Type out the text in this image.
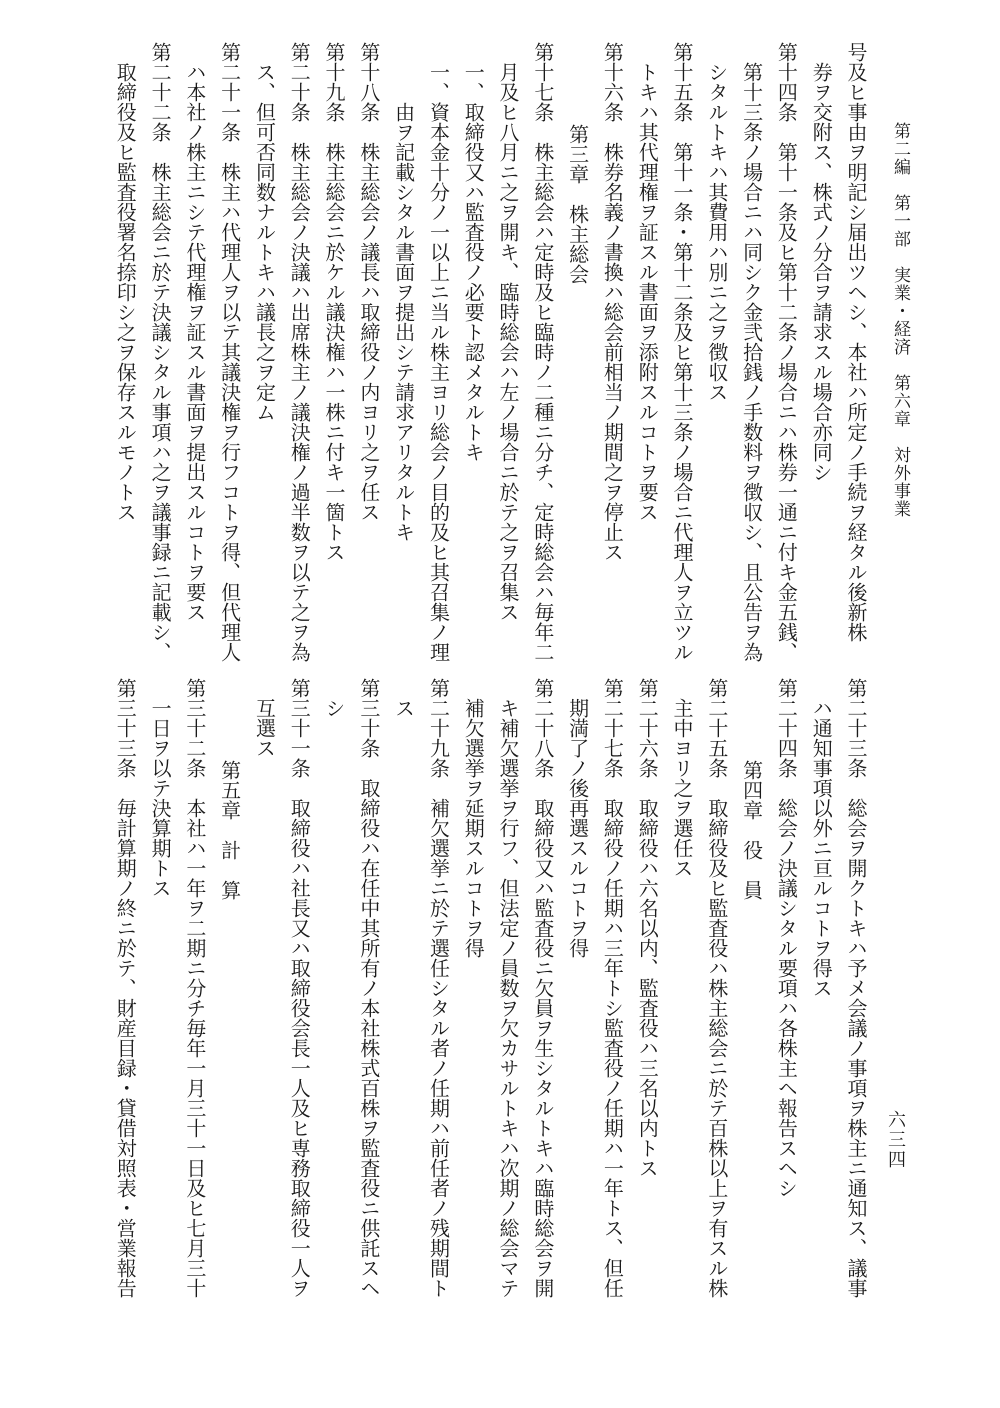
第二編　第一部　実業・経済　第六章　対外事業
六三四
号及ヒ事由ヲ明記シ届出ツヘシ、本社ハ所定ノ手続ヲ経タル後新株
券ヲ交附ス、株式ノ分合ヲ請求スル場合亦同シ
第十四条　第十一条及ヒ第十二条ノ場合ニハ株券一通ニ付キ金五銭、
第十三条ノ場合ニハ同シク金弐拾銭ノ手数料ヲ徴収シ、且公告ヲ為
シタルトキハ其費用ハ別ニ之ヲ徴収ス
第十五条　第十一条・第十二条及ヒ第十三条ノ場合ニ代理人ヲ立ツル
トキハ其代理権ヲ証スル書面ヲ添附スルコトヲ要ス
第十六条　株券名義ノ書換ハ総会前相当ノ期間之ヲ停止ス
第三章　株主総会
第十七条　株主総会ハ定時及ヒ臨時ノ二種ニ分チ、定時総会ハ毎年二
月及ヒ八月ニ之ヲ開キ、臨時総会ハ左ノ場合ニ於テ之ヲ召集ス
一、取締役又ハ監査役ノ必要ト認メタルトキ
一、資本金十分ノ一以上ニ当ル株主ヨリ総会ノ目的及ヒ其召集ノ理
由ヲ記載シタル書面ヲ提出シテ請求アリタルトキ
第十八条　株主総会ノ議長ハ取締役ノ内ヨリ之ヲ任ス
第十九条　株主総会ニ於ケル議決権ハ一株ニ付キ一箇トス
第二十条　株主総会ノ決議ハ出席株主ノ議決権ノ過半数ヲ以テ之ヲ為
ス、但可否同数ナルトキハ議長之ヲ定ム
第二十一条　株主ハ代理人ヲ以テ其議決権ヲ行フコトヲ得、但代理人
ハ本社ノ株主ニシテ代理権ヲ証スル書面ヲ提出スルコトヲ要ス
第二十二条　株主総会ニ於テ決議シタル事項ハ之ヲ議事録ニ記載シ、
取締役及ヒ監査役署名捺印シ之ヲ保存スルモノトス
第二十三条　総会ヲ開クトキハ予メ会議ノ事項ヲ株主ニ通知ス、議事
ハ通知事項以外ニ亘ルコトヲ得ス
第二十四条　総会ノ決議シタル要項ハ各株主ヘ報告スヘシ
第四章　役　員
第二十五条　取締役及ヒ監査役ハ株主総会ニ於テ百株以上ヲ有スル株
主中ヨリ之ヲ選任ス
第二十六条　取締役ハ六名以内、監査役ハ三名以内トス
第二十七条　取締役ノ任期ハ三年トシ監査役ノ任期ハ一年トス、但任
期満了ノ後再選スルコトヲ得
第二十八条　取締役又ハ監査役ニ欠員ヲ生シタルトキハ臨時総会ヲ開
キ補欠選挙ヲ行フ、但法定ノ員数ヲ欠カサルトキハ次期ノ総会マテ
補欠選挙ヲ延期スルコトヲ得
第二十九条　補欠選挙ニ於テ選任シタル者ノ任期ハ前任者ノ残期間ト
ス
第三十条　取締役ハ在任中其所有ノ本社株式百株ヲ監査役ニ供託スヘ
シ
第三十一条　取締役ハ社長又ハ取締役会長一人及ヒ専務取締役一人ヲ
互選ス
第五章　計　算
第三十二条　本社ハ一年ヲ二期ニ分チ毎年一月三十一日及ヒ七月三十
一日ヲ以テ決算期トス
第三十三条　毎計算期ノ終ニ於テ、財産目録・貸借対照表・営業報告
